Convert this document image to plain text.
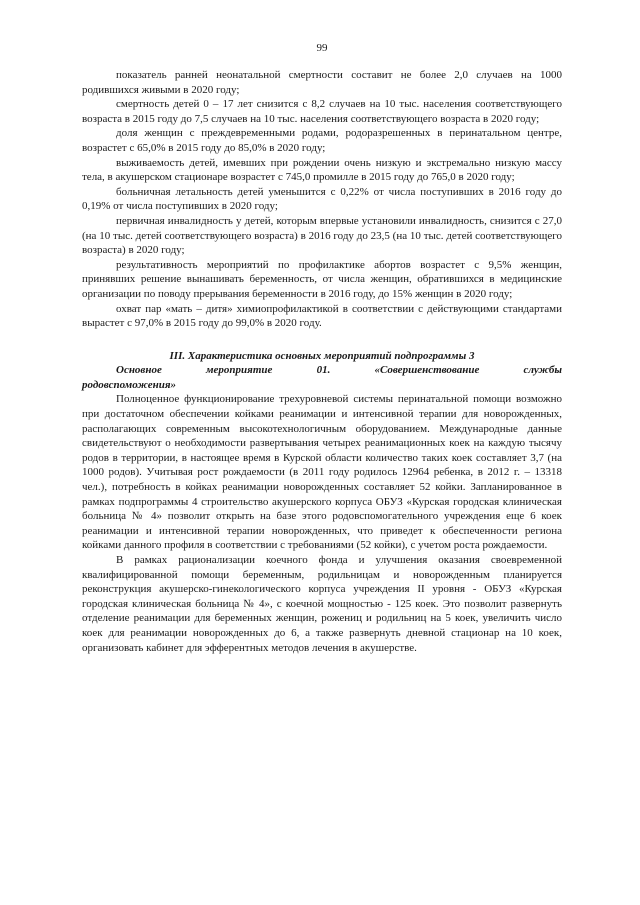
99

показатель ранней неонатальной смертности составит не более 2,0 случаев на 1000 родившихся живыми в 2020 году;

смертность детей 0 – 17 лет снизится с 8,2 случаев на 10 тыс. населения соответствующего возраста в 2015 году до 7,5 случаев на 10 тыс. населения соответствующего возраста в 2020 году;

доля женщин с преждевременными родами, родоразрешенных в перинатальном центре, возрастет с 65,0% в 2015 году до 85,0% в 2020 году;

выживаемость детей, имевших при рождении очень низкую и экстремально низкую массу тела, в акушерском стационаре возрастет с 745,0 промилле в 2015 году до 765,0 в 2020 году;

больничная летальность детей уменьшится с 0,22% от числа поступивших в 2016 году до 0,19% от числа поступивших в 2020 году;

первичная инвалидность у детей, которым впервые установили инвалидность, снизится с 27,0 (на 10 тыс. детей соответствующего возраста) в 2016 году до 23,5 (на 10 тыс. детей соответствующего возраста) в 2020 году;

результативность мероприятий по профилактике абортов возрастет с 9,5% женщин, принявших решение вынашивать беременность, от числа женщин, обратившихся в медицинские организации по поводу прерывания беременности в 2016 году, до 15% женщин в 2020 году;

охват пар «мать – дитя» химиопрофилактикой в соответствии с действующими стандартами вырастет с 97,0% в 2015 году до 99,0% в 2020 году.

III. Характеристика основных мероприятий подпрограммы 3

Основное мероприятие 01. «Совершенствование службы

родовспоможения»

Полноценное функционирование трехуровневой системы перинатальной помощи возможно при достаточном обеспечении койками реанимации и интенсивной терапии для новорожденных, располагающих современным высокотехнологичным оборудованием. Международные данные свидетельствуют о необходимости развертывания четырех реанимационных коек на каждую тысячу родов в территории, в настоящее время в Курской области количество таких коек составляет 3,7 (на 1000 родов). Учитывая рост рождаемости (в 2011 году родилось 12964 ребенка, в 2012 г. – 13318 чел.), потребность в койках реанимации новорожденных составляет 52 койки. Запланированное в рамках подпрограммы 4 строительство акушерского корпуса ОБУЗ «Курская городская клиническая больница № 4» позволит открыть на базе этого родовспомогательного учреждения еще 6 коек реанимации и интенсивной терапии новорожденных, что приведет к обеспеченности региона койками данного профиля в соответствии с требованиями (52 койки), с учетом роста рождаемости.

В рамках рационализации коечного фонда и улучшения оказания своевременной квалифицированной помощи беременным, родильницам и новорожденным планируется реконструкция акушерско-гинекологического корпуса учреждения II уровня - ОБУЗ «Курская городская клиническая больница № 4», с коечной мощностью - 125 коек. Это позволит развернуть отделение реанимации для беременных женщин, рожениц и родильниц на 5 коек, увеличить число коек для реанимации новорожденных до 6, а также развернуть дневной стационар на 10 коек, организовать кабинет для эфферентных методов лечения в акушерстве.
